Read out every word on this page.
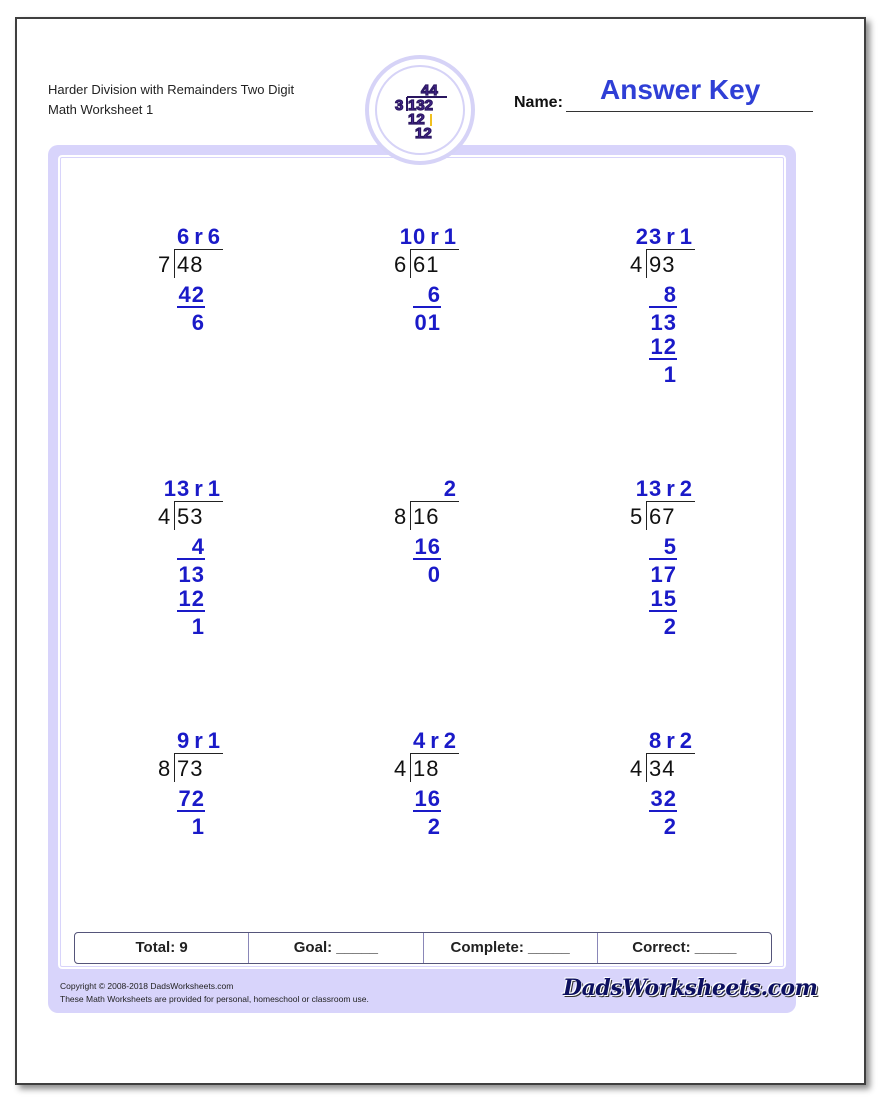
Harder Division with Remainders Two Digit
Math Worksheet 1
44
3 132
12
12
Name: Answer Key
6 r 6
7 48
42
6
10 r 1
6 61
6
01
23 r 1
4 93
8
13
12
1
13 r 1
4 53
4
13
12
1
2
8 16
16
0
13 r 2
5 67
5
17
15
2
9 r 1
8 73
72
1
4 r 2
4 18
16
2
8 r 2
4 34
32
2
Total: 9	Goal: _____	Complete: _____	Correct: _____
Copyright © 2008-2018 DadsWorksheets.com
These Math Worksheets are provided for personal, homeschool or classroom use.	DadsWorksheets.com
